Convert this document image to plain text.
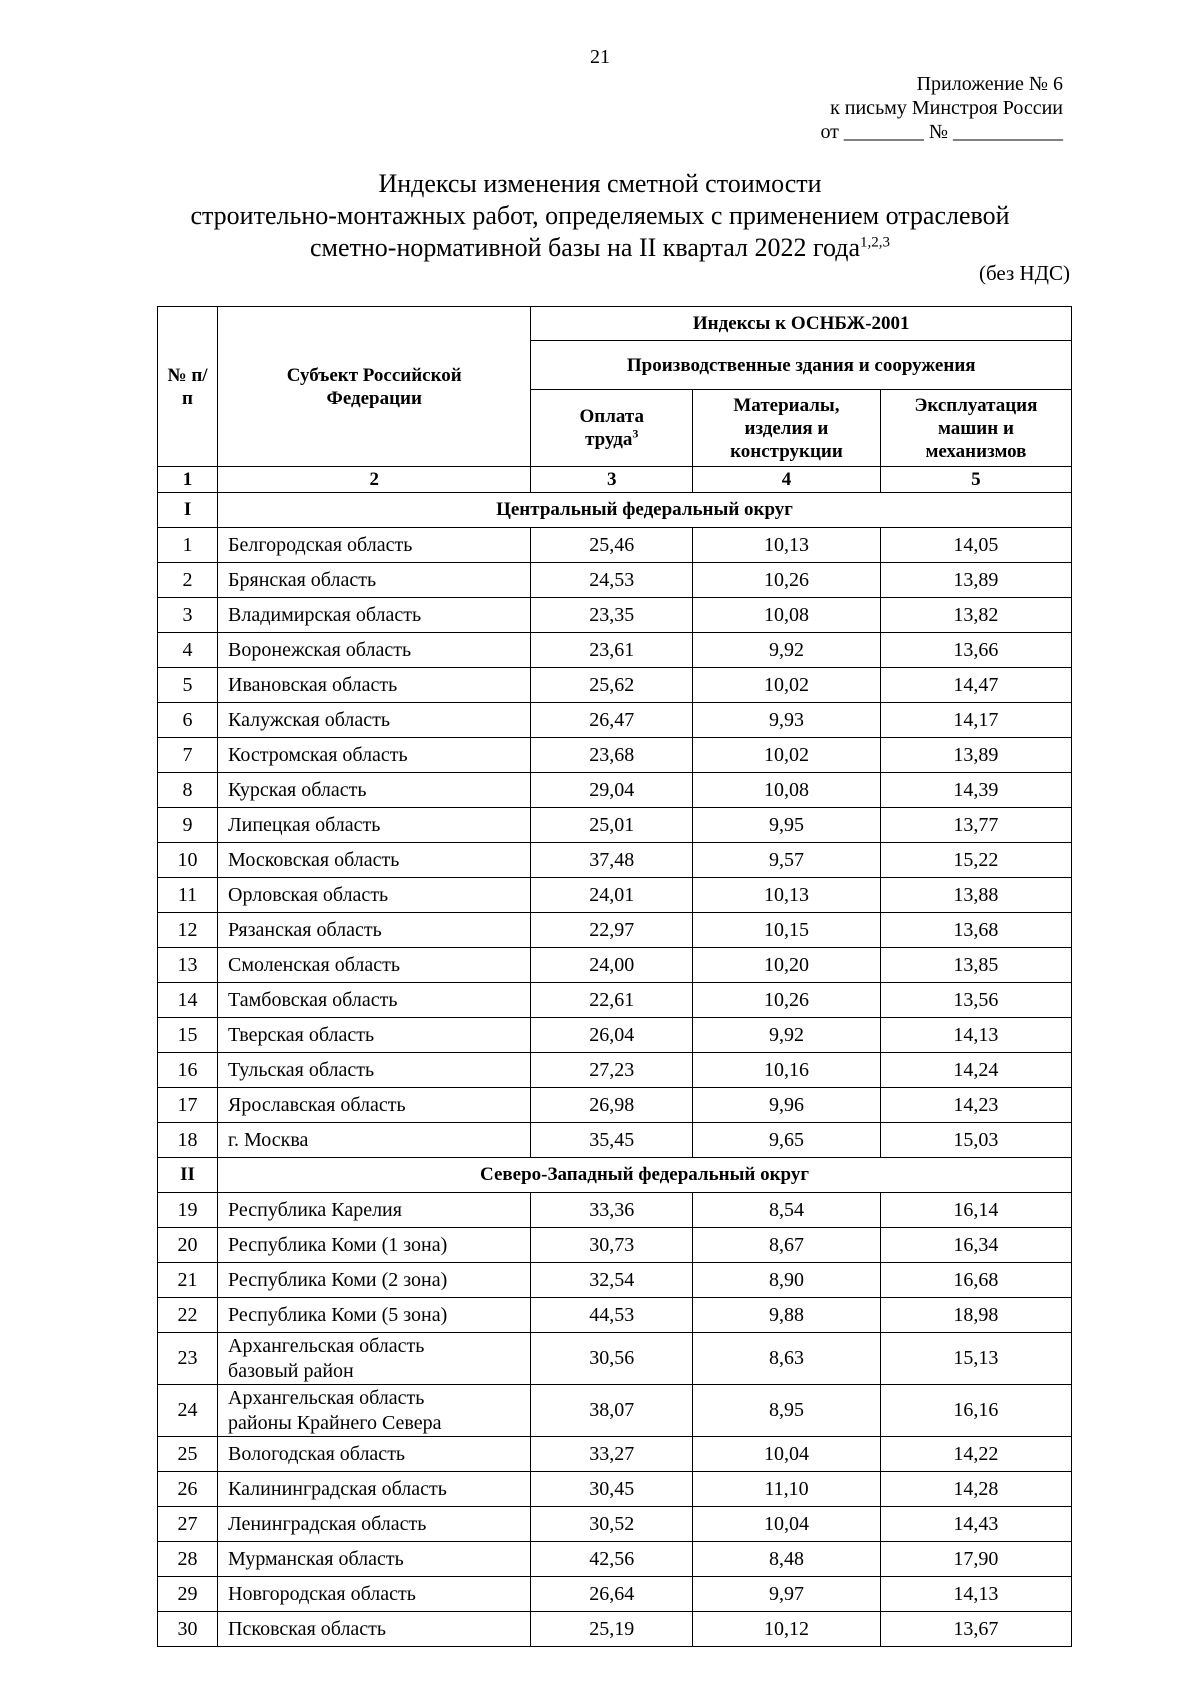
21
Приложение № 6
к письму Минстроя России
от ________ № ___________
Индексы изменения сметной стоимости
строительно-монтажных работ, определяемых с применением отраслевой
сметно-нормативной базы на II квартал 2022 года$^{1,2,3}$
(без НДС)
№ п/п	Субъект Российской Федерации	Индексы к ОСНБЖ-2001		
		Производственные здания и сооружения		
		Оплата труда$^3$	Материалы, изделия и конструкции	Эксплуатация машин и механизмов
1	2	3	4	5
I	Центральный федеральный округ			
1	Белгородская область	25,46	10,13	14,05
2	Брянская область	24,53	10,26	13,89
3	Владимирская область	23,35	10,08	13,82
4	Воронежская область	23,61	9,92	13,66
5	Ивановская область	25,62	10,02	14,47
6	Калужская область	26,47	9,93	14,17
7	Костромская область	23,68	10,02	13,89
8	Курская область	29,04	10,08	14,39
9	Липецкая область	25,01	9,95	13,77
10	Московская область	37,48	9,57	15,22
11	Орловская область	24,01	10,13	13,88
12	Рязанская область	22,97	10,15	13,68
13	Смоленская область	24,00	10,20	13,85
14	Тамбовская область	22,61	10,26	13,56
15	Тверская область	26,04	9,92	14,13
16	Тульская область	27,23	10,16	14,24
17	Ярославская область	26,98	9,96	14,23
18	г. Москва	35,45	9,65	15,03
II	Северо-Западный федеральный округ			
19	Республика Карелия	33,36	8,54	16,14
20	Республика Коми (1 зона)	30,73	8,67	16,34
21	Республика Коми (2 зона)	32,54	8,90	16,68
22	Республика Коми (5 зона)	44,53	9,88	18,98
23	Архангельская область
базовый район	30,56	8,63	15,13
24	Архангельская область
районы Крайнего Севера	38,07	8,95	16,16
25	Вологодская область	33,27	10,04	14,22
26	Калининградская область	30,45	11,10	14,28
27	Ленинградская область	30,52	10,04	14,43
28	Мурманская область	42,56	8,48	17,90
29	Новгородская область	26,64	9,97	14,13
30	Псковская область	25,19	10,12	13,67
